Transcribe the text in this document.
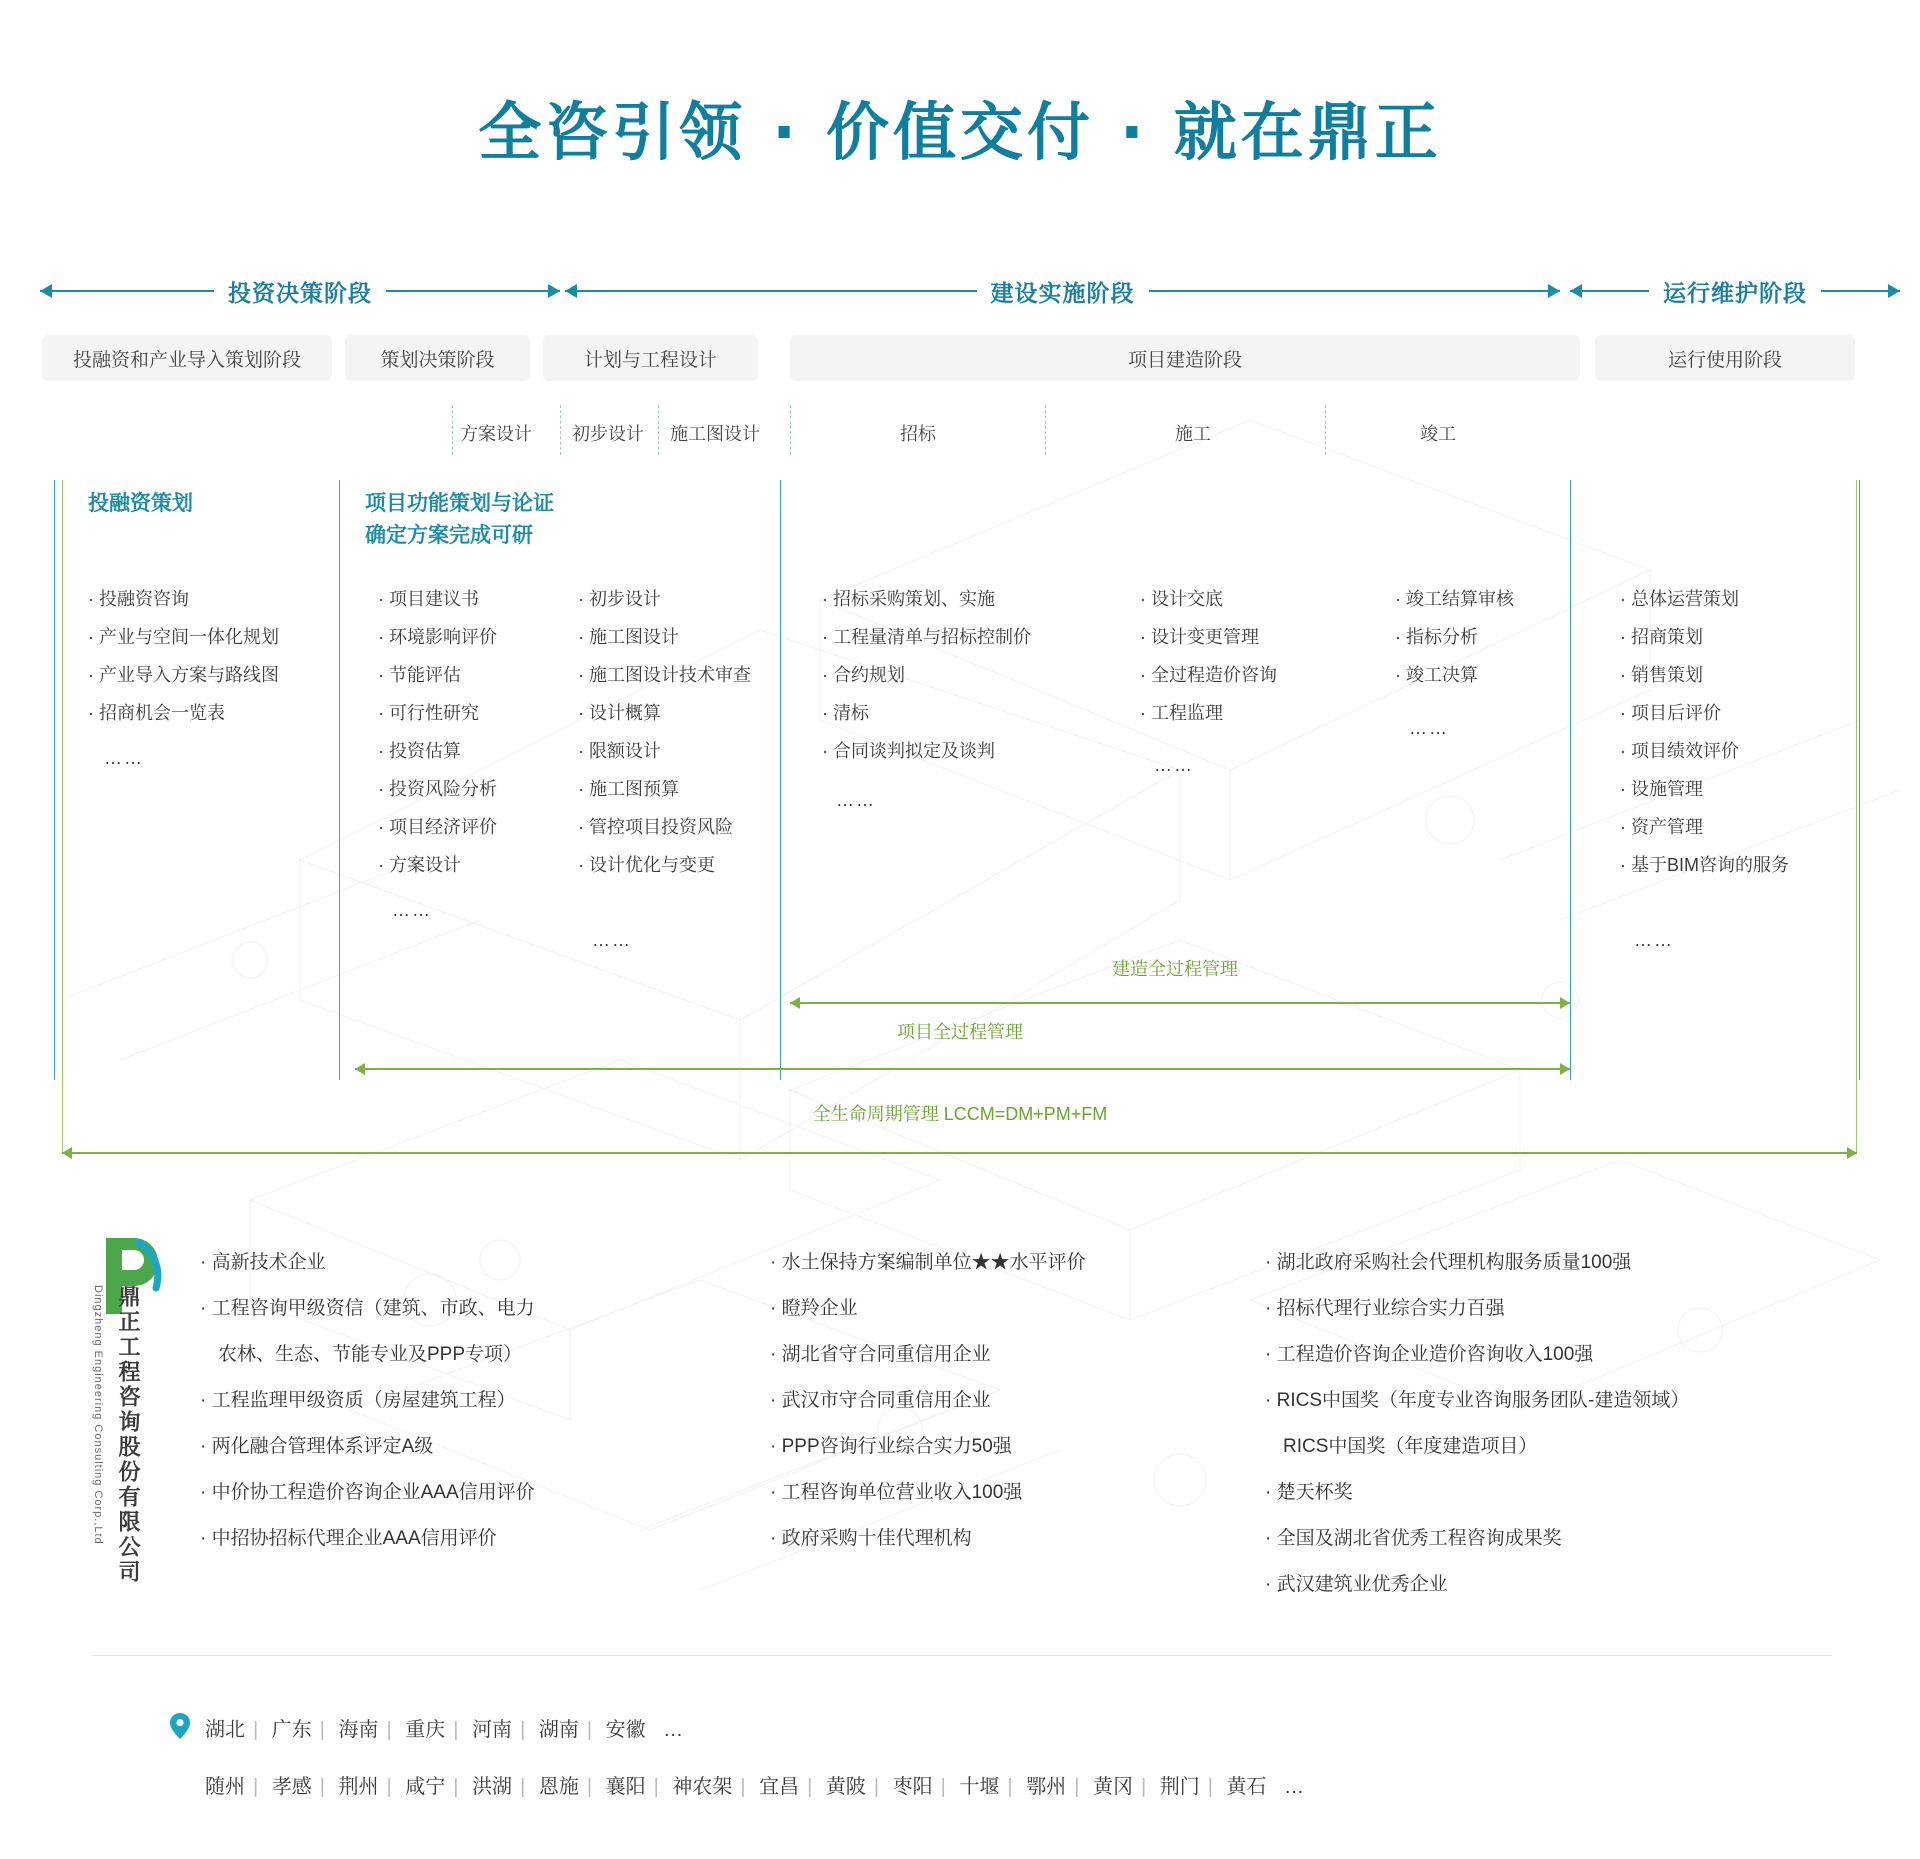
全咨引领 · 价值交付 · 就在鼎正
投资决策阶段	建设实施阶段	运行维护阶段
投融资和产业导入策划阶段	策划决策阶段	计划与工程设计	项目建造阶段	运行使用阶段
方案设计 初步设计 施工图设计	招标	施工	竣工
投融资策划
· 投融资咨询
· 产业与空间一体化规划
· 产业导入方案与路线图
· 招商机会一览表
……
项目功能策划与论证
确定方案完成可研
· 项目建议书
· 环境影响评价
· 节能评估
· 可行性研究
· 投资估算
· 投资风险分析
· 项目经济评价
· 方案设计
……
· 初步设计
· 施工图设计
· 施工图设计技术审查
· 设计概算
· 限额设计
· 施工图预算
· 管控项目投资风险
· 设计优化与变更
……
· 招标采购策划、实施
· 工程量清单与招标控制价
· 合约规划
· 清标
· 合同谈判拟定及谈判
……
· 设计交底
· 设计变更管理
· 全过程造价咨询
· 工程监理
……
· 竣工结算审核
· 指标分析
· 竣工决算
……
· 总体运营策划
· 招商策划
· 销售策划
· 项目后评价
· 项目绩效评价
· 设施管理
· 资产管理
· 基于BIM咨询的服务
……
建造全过程管理
项目全过程管理
全生命周期管理 LCCM=DM+PM+FM
鼎正工程咨询股份有限公司
Dingzheng Engineering Consulting Corp.,Ltd
· 高新技术企业
· 工程咨询甲级资信（建筑、市政、电力
农林、生态、节能专业及PPP专项）
· 工程监理甲级资质（房屋建筑工程）
· 两化融合管理体系评定A级
· 中价协工程造价咨询企业AAA信用评价
· 中招协招标代理企业AAA信用评价
· 水土保持方案编制单位★★水平评价
· 瞪羚企业
· 湖北省守合同重信用企业
· 武汉市守合同重信用企业
· PPP咨询行业综合实力50强
· 工程咨询单位营业收入100强
· 政府采购十佳代理机构
· 湖北政府采购社会代理机构服务质量100强
· 招标代理行业综合实力百强
· 工程造价咨询企业造价咨询收入100强
· RICS中国奖（年度专业咨询服务团队-建造领域）
RICS中国奖（年度建造项目）
· 楚天杯奖
· 全国及湖北省优秀工程咨询成果奖
· 武汉建筑业优秀企业
湖北 | 广东 | 海南 | 重庆 | 河南 | 湖南 | 安徽 …
随州 | 孝感 | 荆州 | 咸宁 | 洪湖 | 恩施 | 襄阳 | 神农架 | 宜昌 | 黄陂 | 枣阳 | 十堰 | 鄂州 | 黄冈 | 荆门 | 黄石 …
